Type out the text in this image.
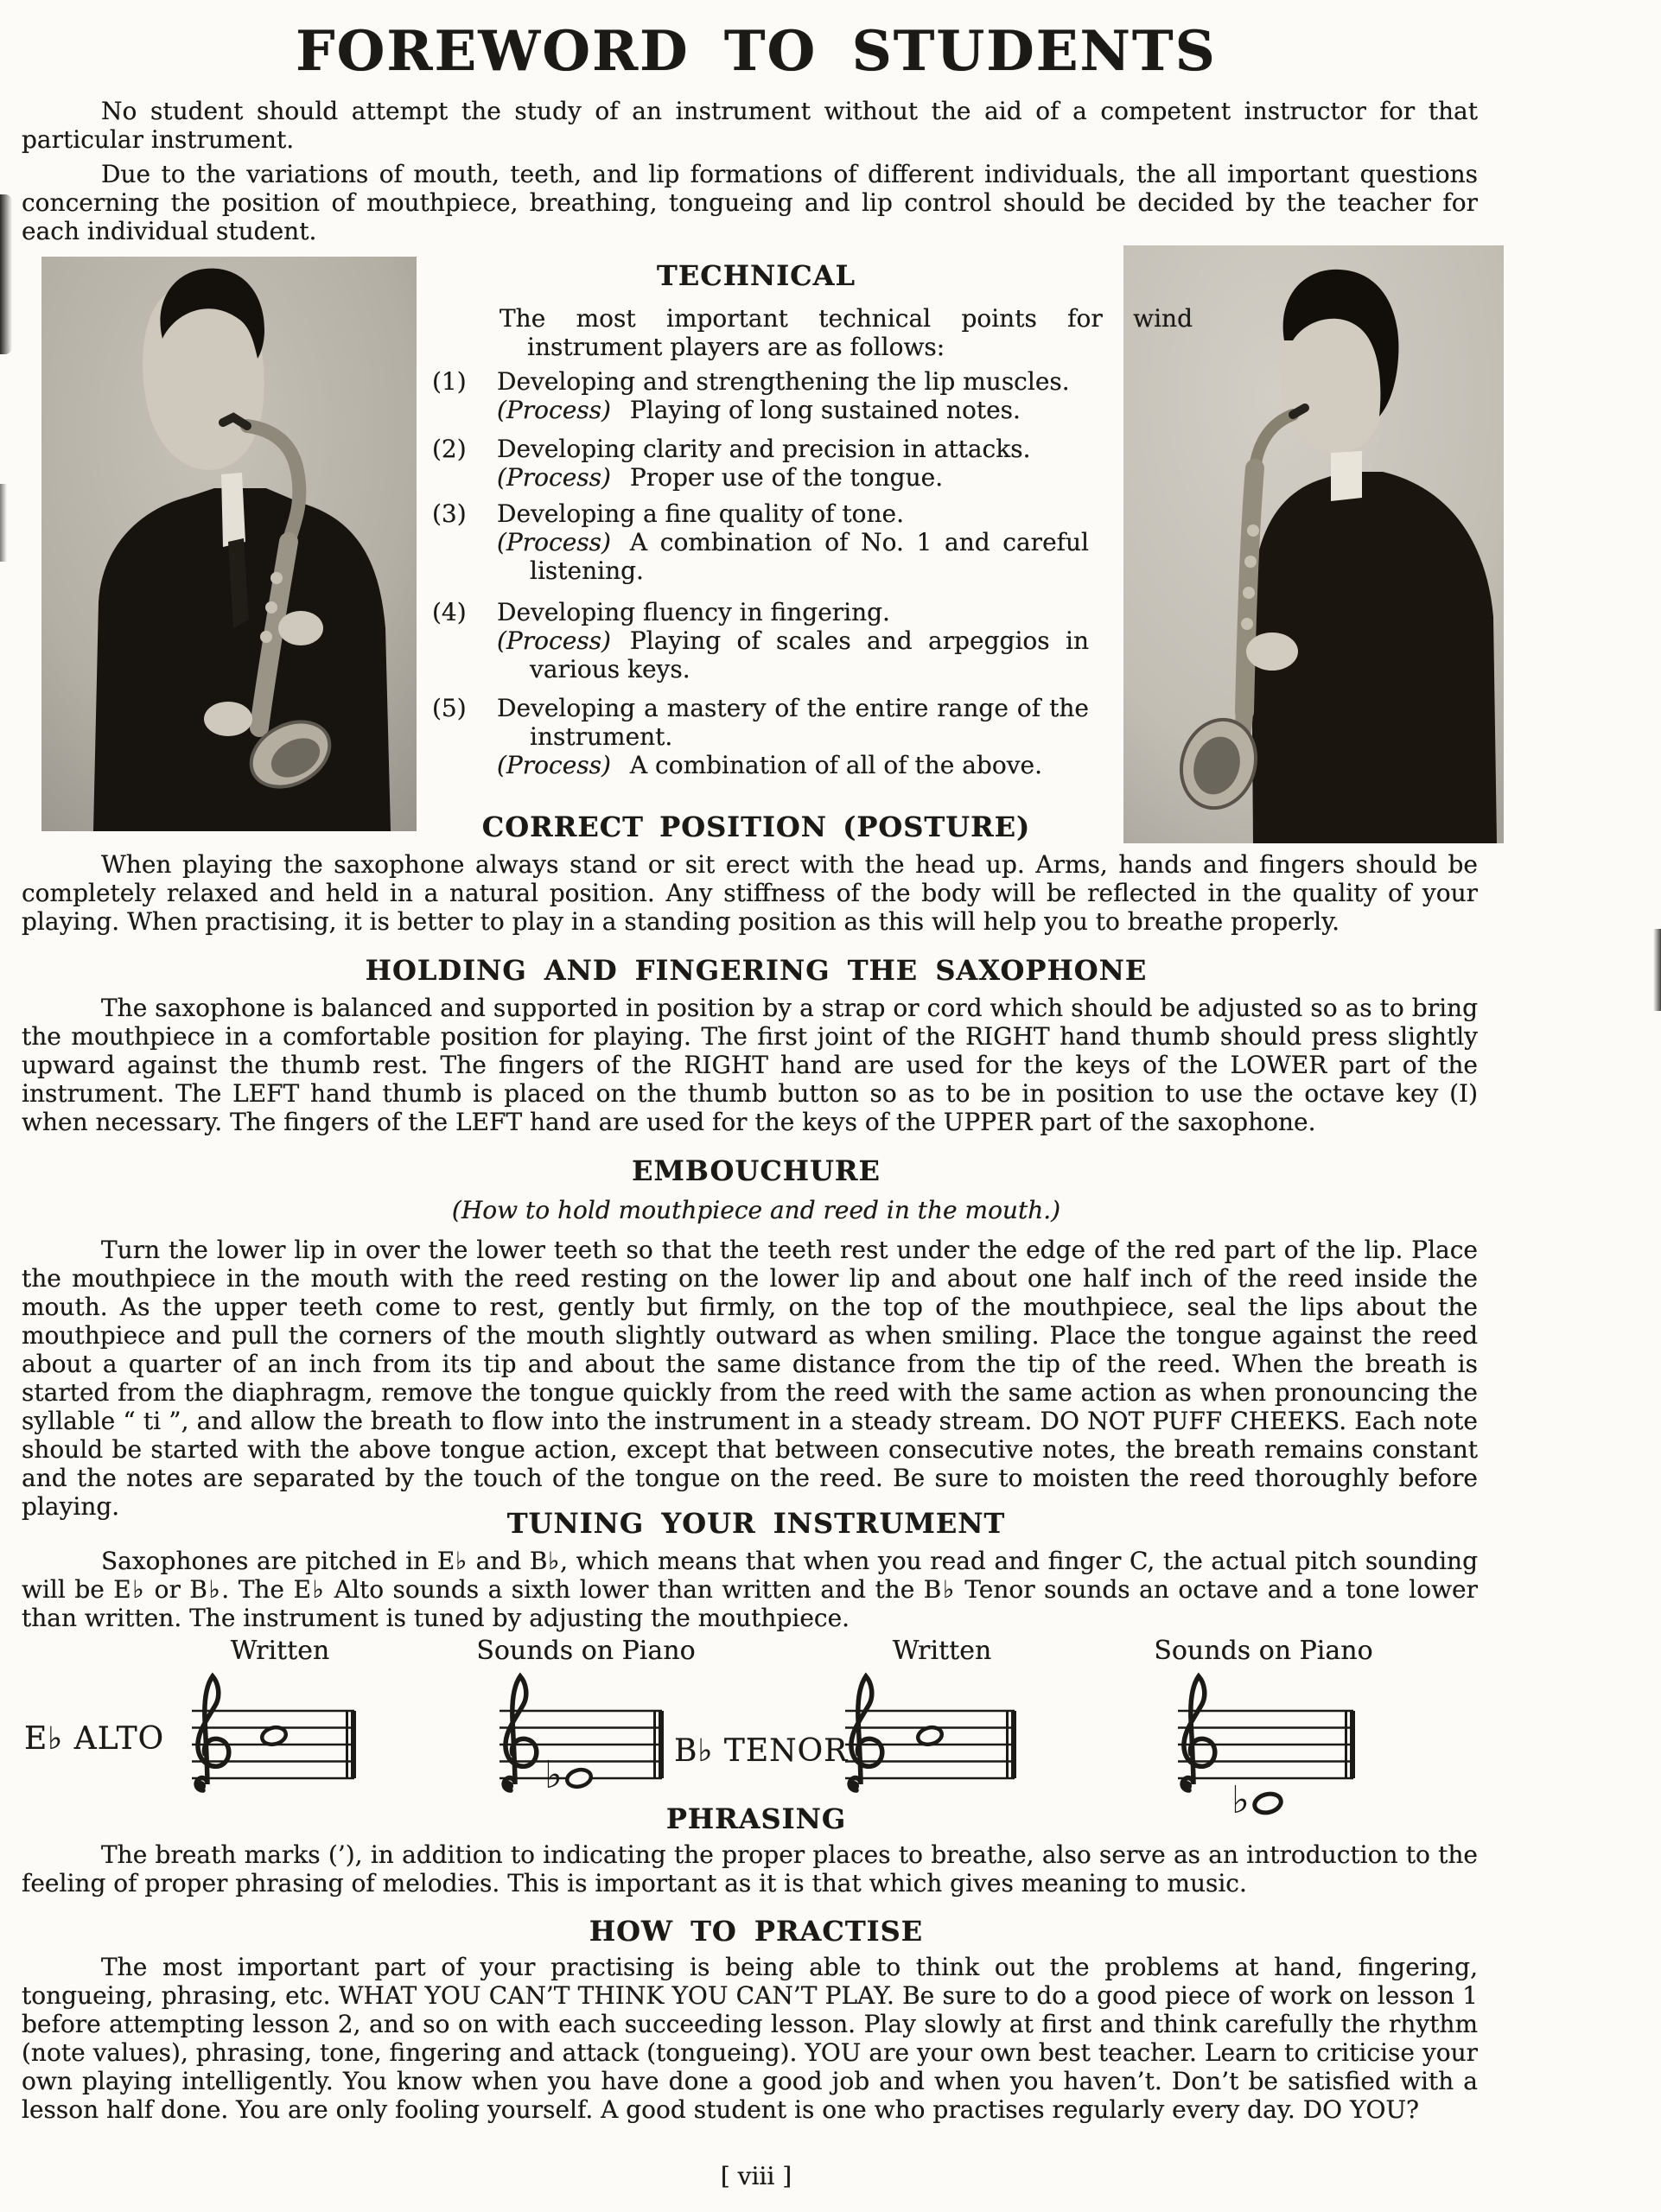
FOREWORD TO STUDENTS

No student should attempt the study of an instrument without the aid of a competent instructor for that particular instrument.

Due to the variations of mouth, teeth, and lip formations of different individuals, the all important questions concerning the position of mouthpiece, breathing, tongueing and lip control should be decided by the teacher for each individual student.

TECHNICAL
The most important technical points for wind instrument players are as follows:
(1)	Developing and strengthening the lip muscles.
(Process) Playing of long sustained notes.
(2)	Developing clarity and precision in attacks.
(Process) Proper use of the tongue.
(3)	Developing a fine quality of tone.
(Process) A combination of No. 1 and careful listening.
(4)	Developing fluency in fingering.
(Process) Playing of scales and arpeggios in various keys.
(5)	Developing a mastery of the entire range of the instrument.
(Process) A combination of all of the above.
CORRECT POSITION (POSTURE)

When playing the saxophone always stand or sit erect with the head up. Arms, hands and fingers should be completely relaxed and held in a natural position. Any stiffness of the body will be reflected in the quality of your playing. When practising, it is better to play in a standing position as this will help you to breathe properly.

HOLDING AND FINGERING THE SAXOPHONE

The saxophone is balanced and supported in position by a strap or cord which should be adjusted so as to bring the mouthpiece in a comfortable position for playing. The first joint of the RIGHT hand thumb should press slightly upward against the thumb rest. The fingers of the RIGHT hand are used for the keys of the LOWER part of the instrument. The LEFT hand thumb is placed on the thumb button so as to be in position to use the octave key (I) when necessary. The fingers of the LEFT hand are used for the keys of the UPPER part of the saxophone.

EMBOUCHURE
(How to hold mouthpiece and reed in the mouth.)

Turn the lower lip in over the lower teeth so that the teeth rest under the edge of the red part of the lip. Place the mouthpiece in the mouth with the reed resting on the lower lip and about one half inch of the reed inside the mouth. As the upper teeth come to rest, gently but firmly, on the top of the mouthpiece, seal the lips about the mouthpiece and pull the corners of the mouth slightly outward as when smiling. Place the tongue against the reed about a quarter of an inch from its tip and about the same distance from the tip of the reed. When the breath is started from the diaphragm, remove the tongue quickly from the reed with the same action as when pronouncing the syllable “ ti ”, and allow the breath to flow into the instrument in a steady stream. DO NOT PUFF CHEEKS. Each note should be started with the above tongue action, except that between consecutive notes, the breath remains constant and the notes are separated by the touch of the tongue on the reed. Be sure to moisten the reed thoroughly before playing.

TUNING YOUR INSTRUMENT

Saxophones are pitched in E♭ and B♭, which means that when you read and finger C, the actual pitch sounding will be E♭ or B♭. The E♭ Alto sounds a sixth lower than written and the B♭ Tenor sounds an octave and a tone lower than written. The instrument is tuned by adjusting the mouthpiece.

Written	Sounds on Piano	Written	Sounds on Piano
E♭ ALTO	B♭ TENOR
♭
♭
PHRASING

The breath marks (’), in addition to indicating the proper places to breathe, also serve as an introduction to the feeling of proper phrasing of melodies. This is important as it is that which gives meaning to music.

HOW TO PRACTISE

The most important part of your practising is being able to think out the problems at hand, fingering, tongueing, phrasing, etc. WHAT YOU CAN’T THINK YOU CAN’T PLAY. Be sure to do a good piece of work on lesson 1 before attempting lesson 2, and so on with each succeeding lesson. Play slowly at first and think carefully the rhythm (note values), phrasing, tone, fingering and attack (tongueing). YOU are your own best teacher. Learn to criticise your own playing intelligently. You know when you have done a good job and when you haven’t. Don’t be satisfied with a lesson half done. You are only fooling yourself. A good student is one who practises regularly every day. DO YOU?

[ viii ]
